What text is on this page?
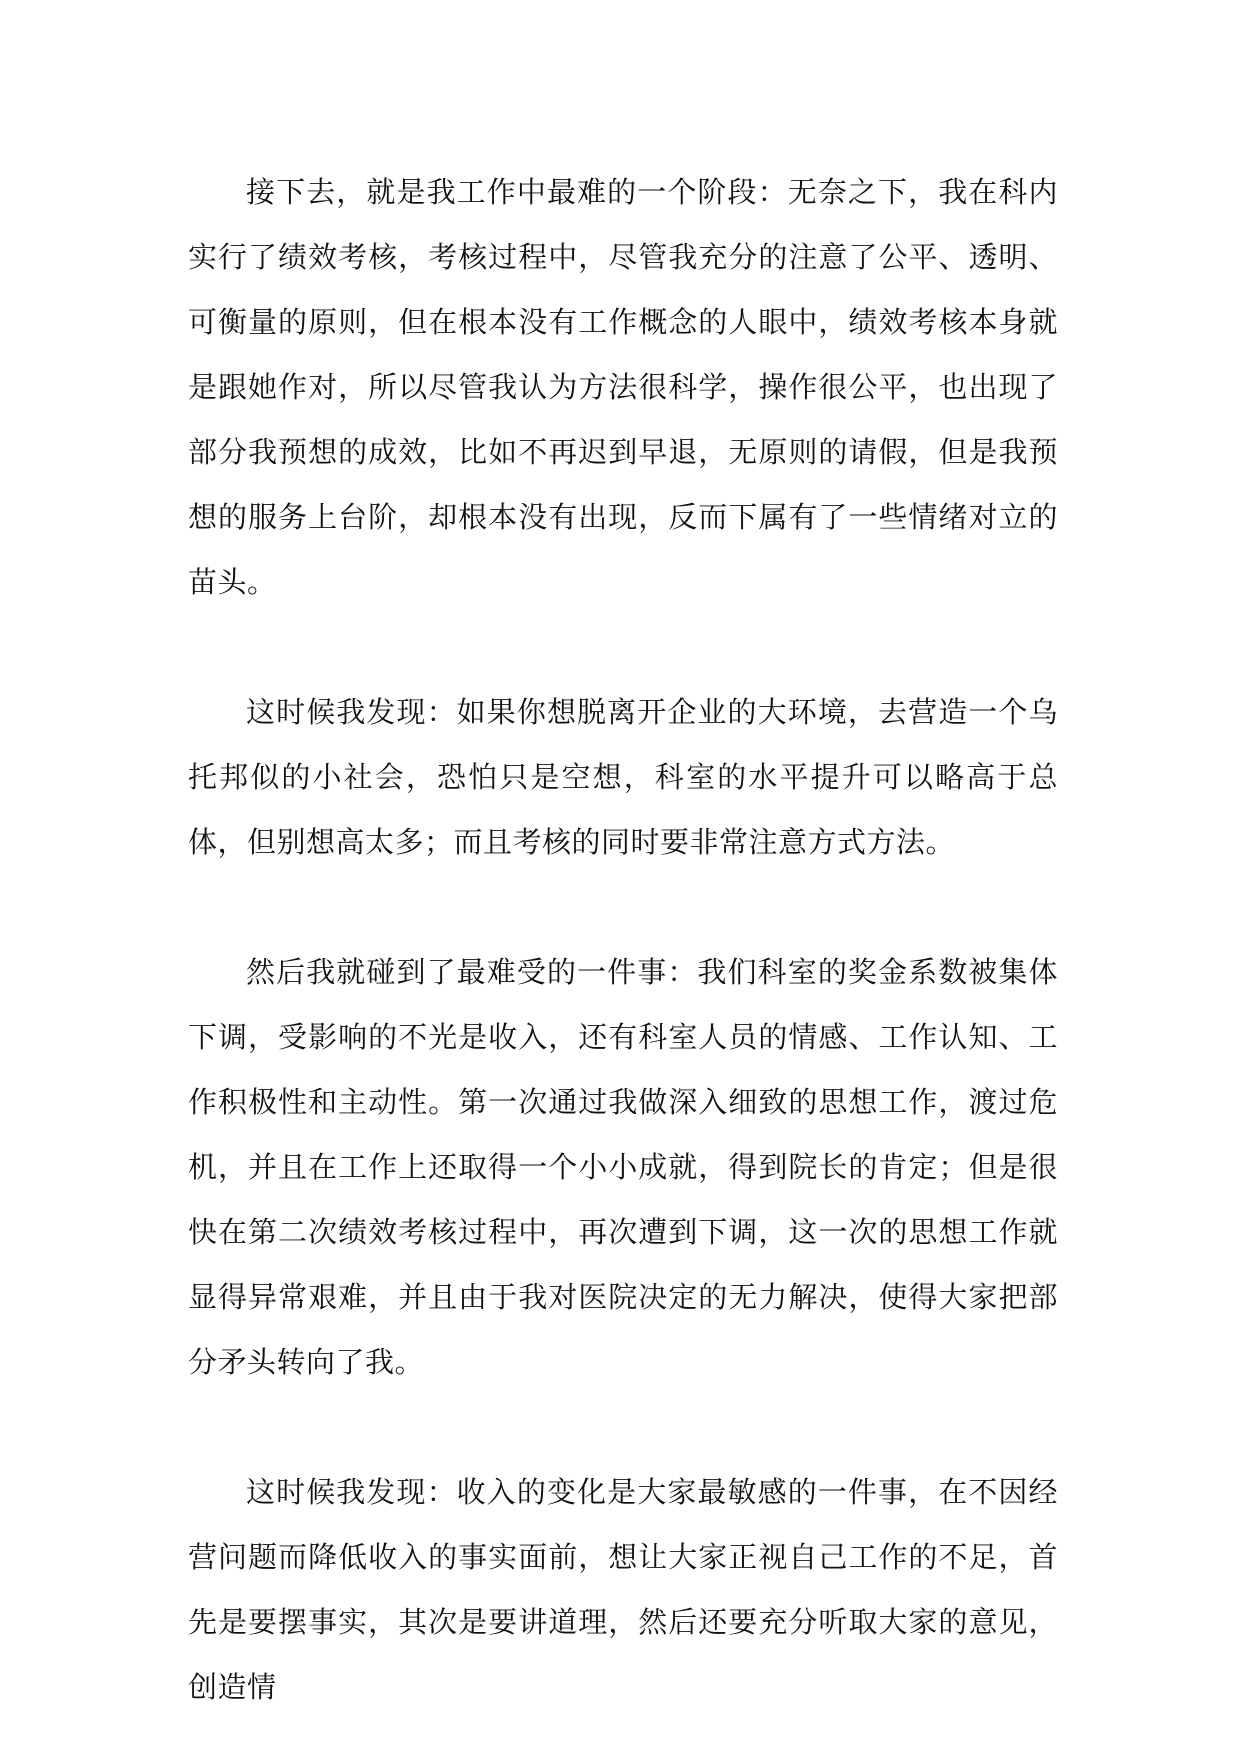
接下去，就是我工作中最难的一个阶段：无奈之下，我在科内实行了绩效考核，考核过程中，尽管我充分的注意了公平、透明、可衡量的原则，但在根本没有工作概念的人眼中，绩效考核本身就是跟她作对，所以尽管我认为方法很科学，操作很公平，也出现了部分我预想的成效，比如不再迟到早退，无原则的请假，但是我预想的服务上台阶，却根本没有出现，反而下属有了一些情绪对立的苗头。

这时候我发现：如果你想脱离开企业的大环境，去营造一个乌托邦似的小社会，恐怕只是空想，科室的水平提升可以略高于总体，但别想高太多；而且考核的同时要非常注意方式方法。

然后我就碰到了最难受的一件事：我们科室的奖金系数被集体下调，受影响的不光是收入，还有科室人员的情感、工作认知、工作积极性和主动性。第一次通过我做深入细致的思想工作，渡过危机，并且在工作上还取得一个小小成就，得到院长的肯定；但是很快在第二次绩效考核过程中，再次遭到下调，这一次的思想工作就显得异常艰难，并且由于我对医院决定的无力解决，使得大家把部分矛头转向了我。

这时候我发现：收入的变化是大家最敏感的一件事，在不因经营问题而降低收入的事实面前，想让大家正视自己工作的不足，首先是要摆事实，其次是要讲道理，然后还要充分听取大家的意见，创造情
